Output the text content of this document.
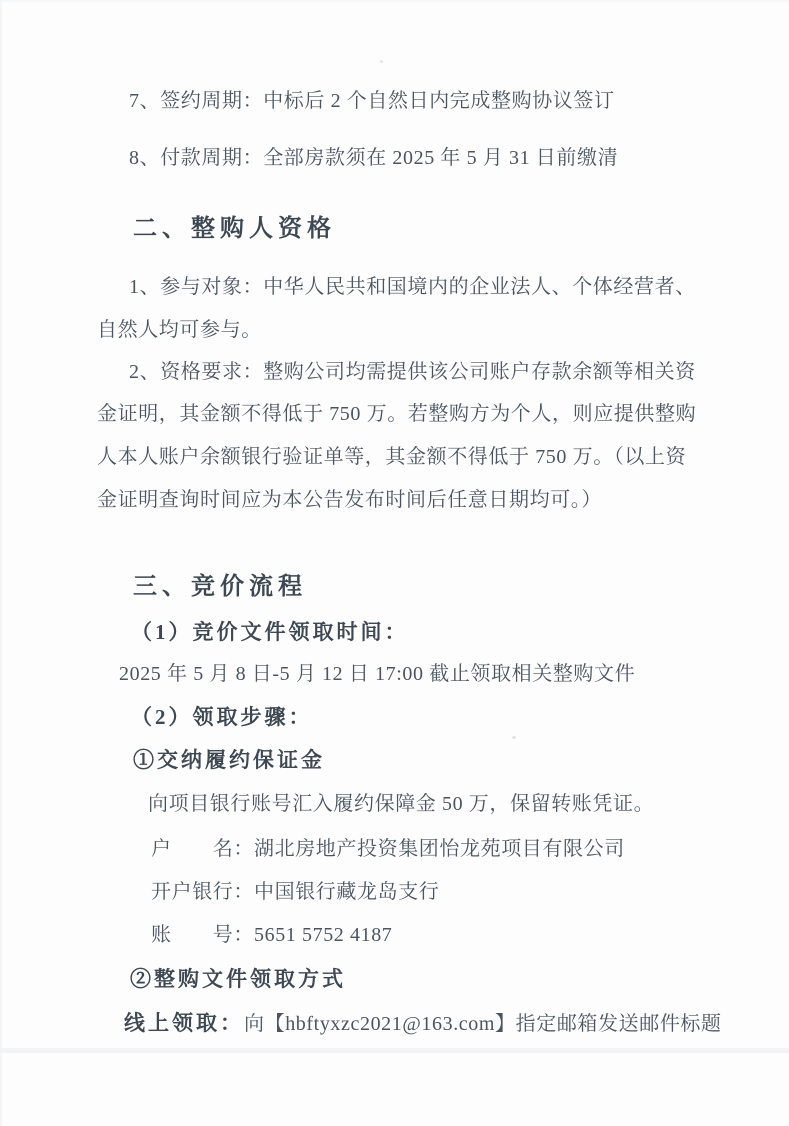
7、签约周期：中标后 2 个自然日内完成整购协议签订
8、付款周期：全部房款须在 2025 年 5 月 31 日前缴清
二、整购人资格
1、参与对象：中华人民共和国境内的企业法人、个体经营者、
自然人均可参与。
2、资格要求：整购公司均需提供该公司账户存款余额等相关资
金证明，其金额不得低于 750 万。若整购方为个人，则应提供整购
人本人账户余额银行验证单等，其金额不得低于 750 万。（以上资
金证明查询时间应为本公告发布时间后任意日期均可。）
三、竞价流程
（1）竞价文件领取时间：
2025 年 5 月 8 日-5 月 12 日 17:00 截止领取相关整购文件
（2）领取步骤：
①交纳履约保证金
向项目银行账号汇入履约保障金 50 万，保留转账凭证。
户　　名：湖北房地产投资集团怡龙苑项目有限公司
开户银行：中国银行藏龙岛支行
账　　号：5651 5752 4187
②整购文件领取方式
线上领取：向【hbftyxzc2021@163.com】指定邮箱发送邮件标题
